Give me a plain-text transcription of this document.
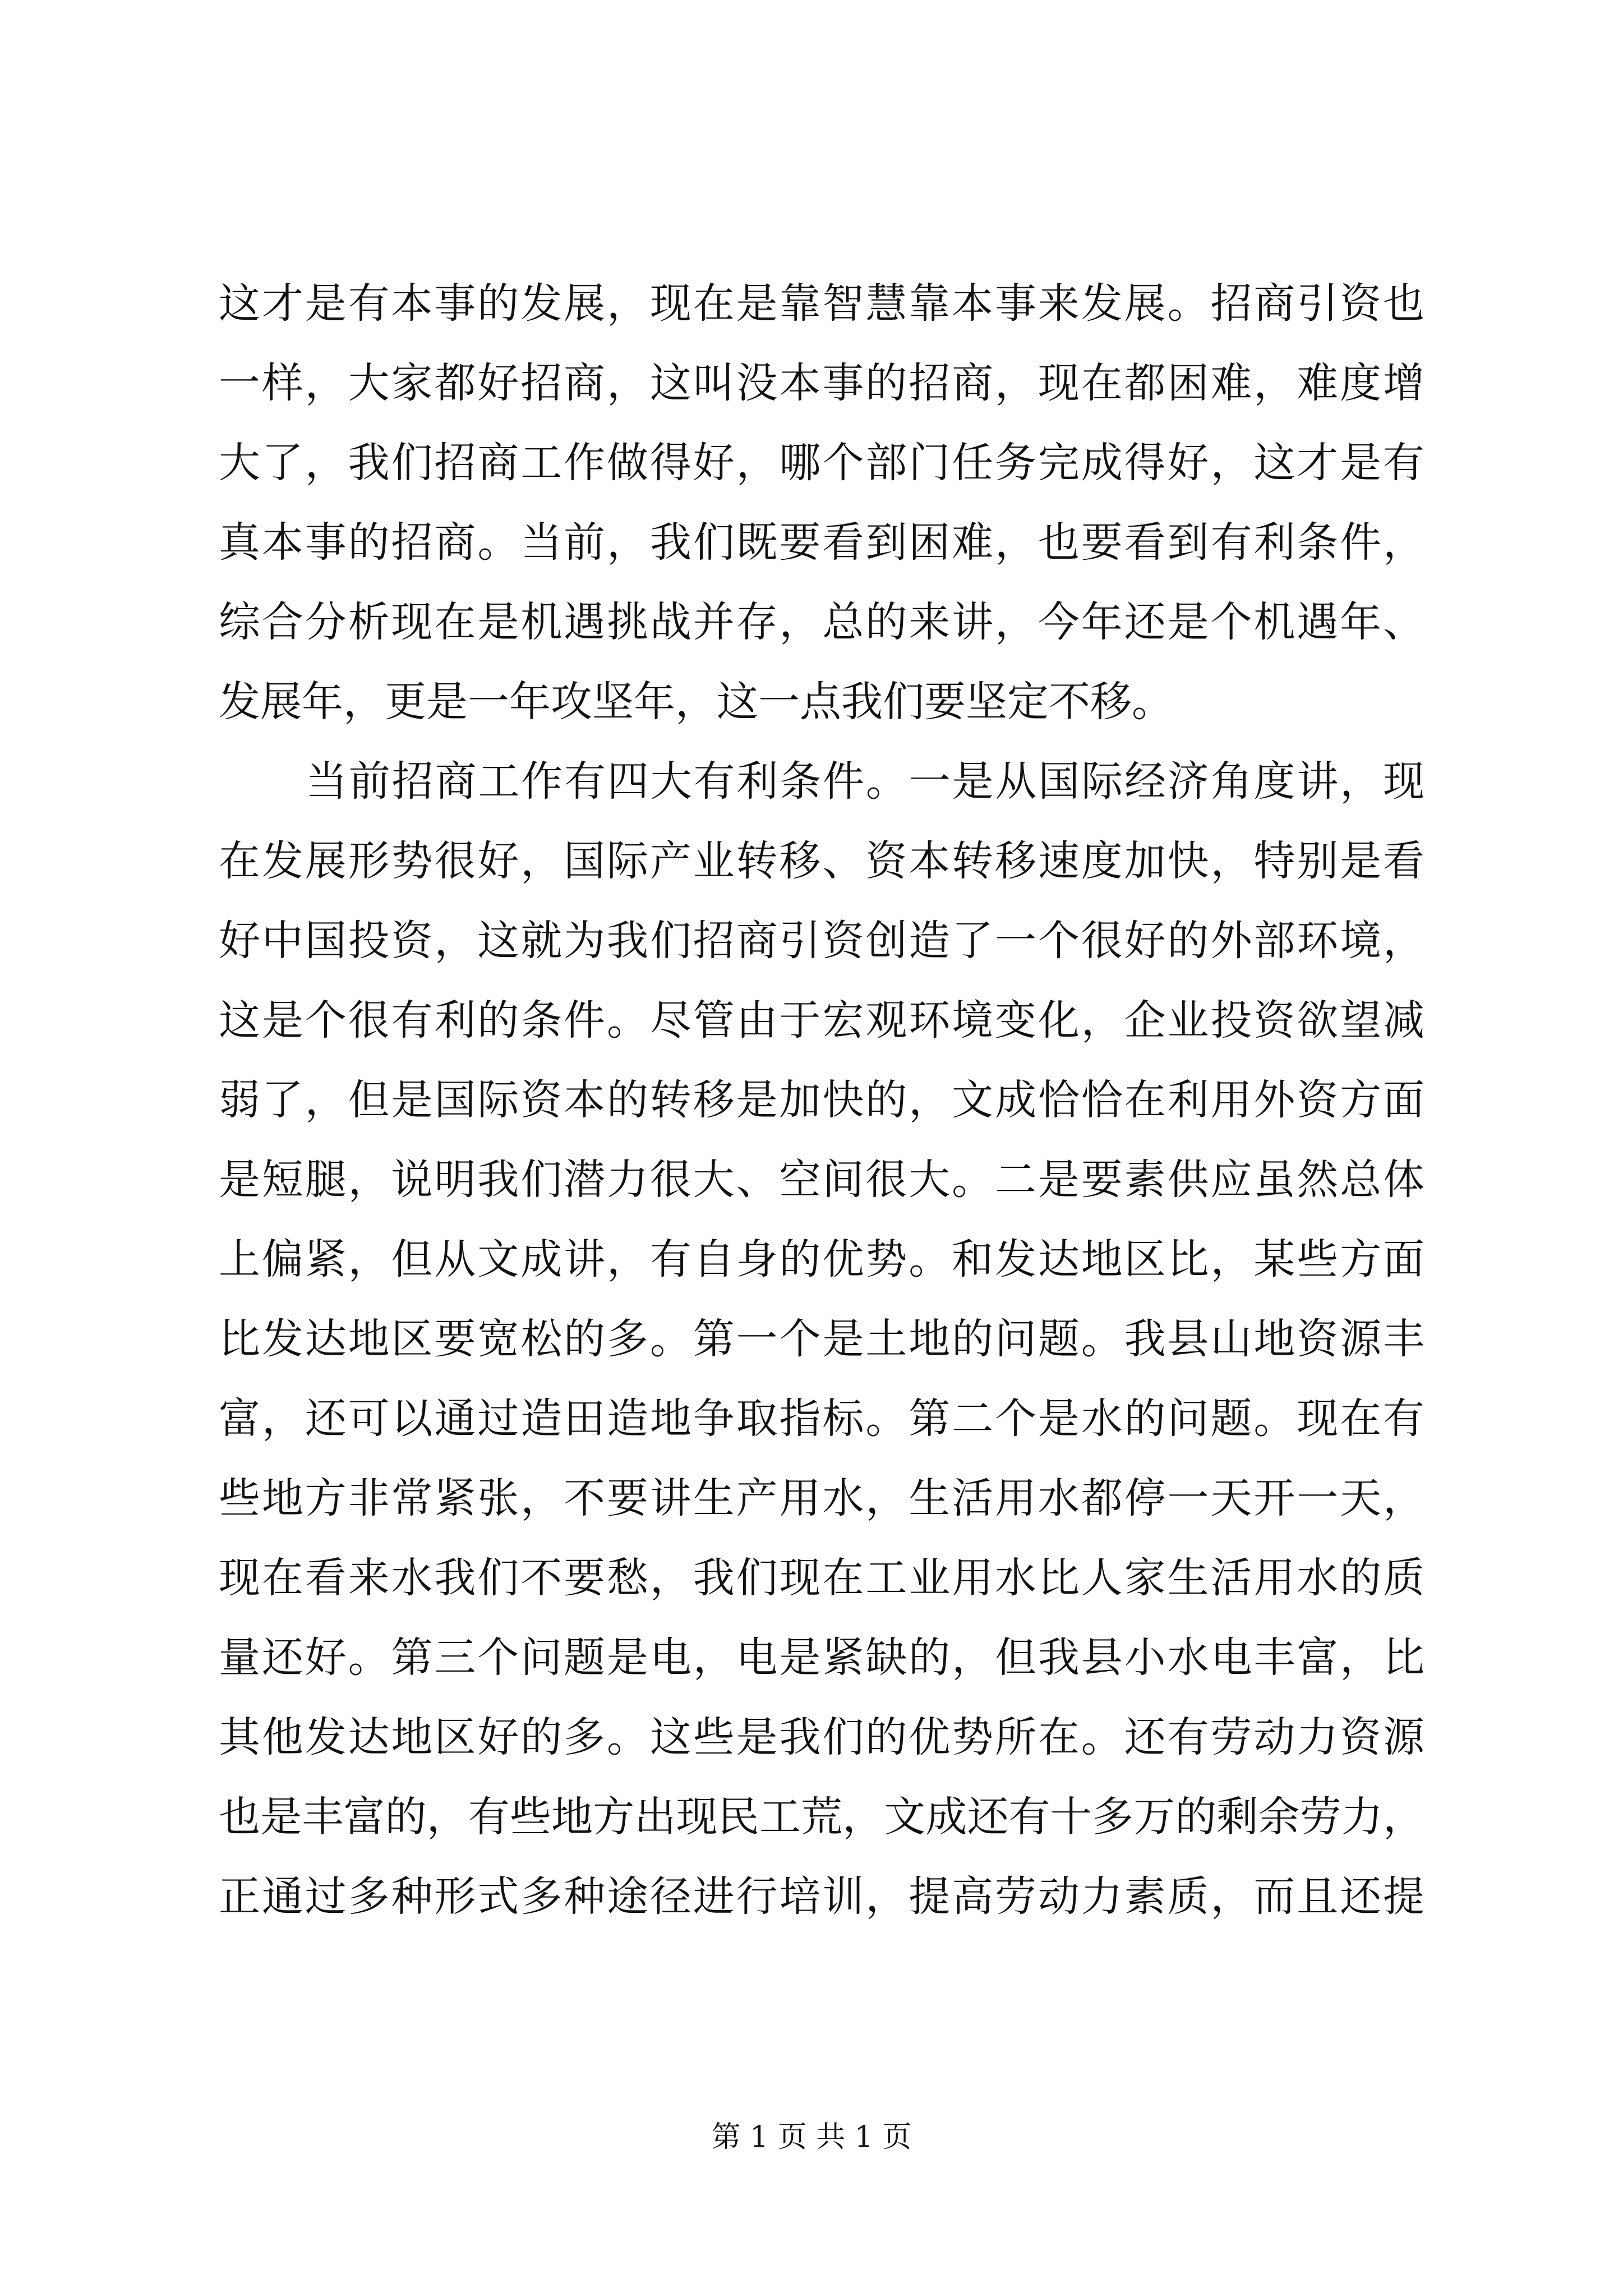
这才是有本事的发展，现在是靠智慧靠本事来发展。招商引资也
一样，大家都好招商，这叫没本事的招商，现在都困难，难度增
大了，我们招商工作做得好，哪个部门任务完成得好，这才是有
真本事的招商。当前，我们既要看到困难，也要看到有利条件，
综合分析现在是机遇挑战并存，总的来讲，今年还是个机遇年、
发展年，更是一年攻坚年，这一点我们要坚定不移。
当前招商工作有四大有利条件。一是从国际经济角度讲，现
在发展形势很好，国际产业转移、资本转移速度加快，特别是看
好中国投资，这就为我们招商引资创造了一个很好的外部环境，
这是个很有利的条件。尽管由于宏观环境变化，企业投资欲望减
弱了，但是国际资本的转移是加快的，文成恰恰在利用外资方面
是短腿，说明我们潜力很大、空间很大。二是要素供应虽然总体
上偏紧，但从文成讲，有自身的优势。和发达地区比，某些方面
比发达地区要宽松的多。第一个是土地的问题。我县山地资源丰
富，还可以通过造田造地争取指标。第二个是水的问题。现在有
些地方非常紧张，不要讲生产用水，生活用水都停一天开一天，
现在看来水我们不要愁，我们现在工业用水比人家生活用水的质
量还好。第三个问题是电，电是紧缺的，但我县小水电丰富，比
其他发达地区好的多。这些是我们的优势所在。还有劳动力资源
也是丰富的，有些地方出现民工荒，文成还有十多万的剩余劳力，
正通过多种形式多种途径进行培训，提高劳动力素质，而且还提
第 1 页 共 1 页
